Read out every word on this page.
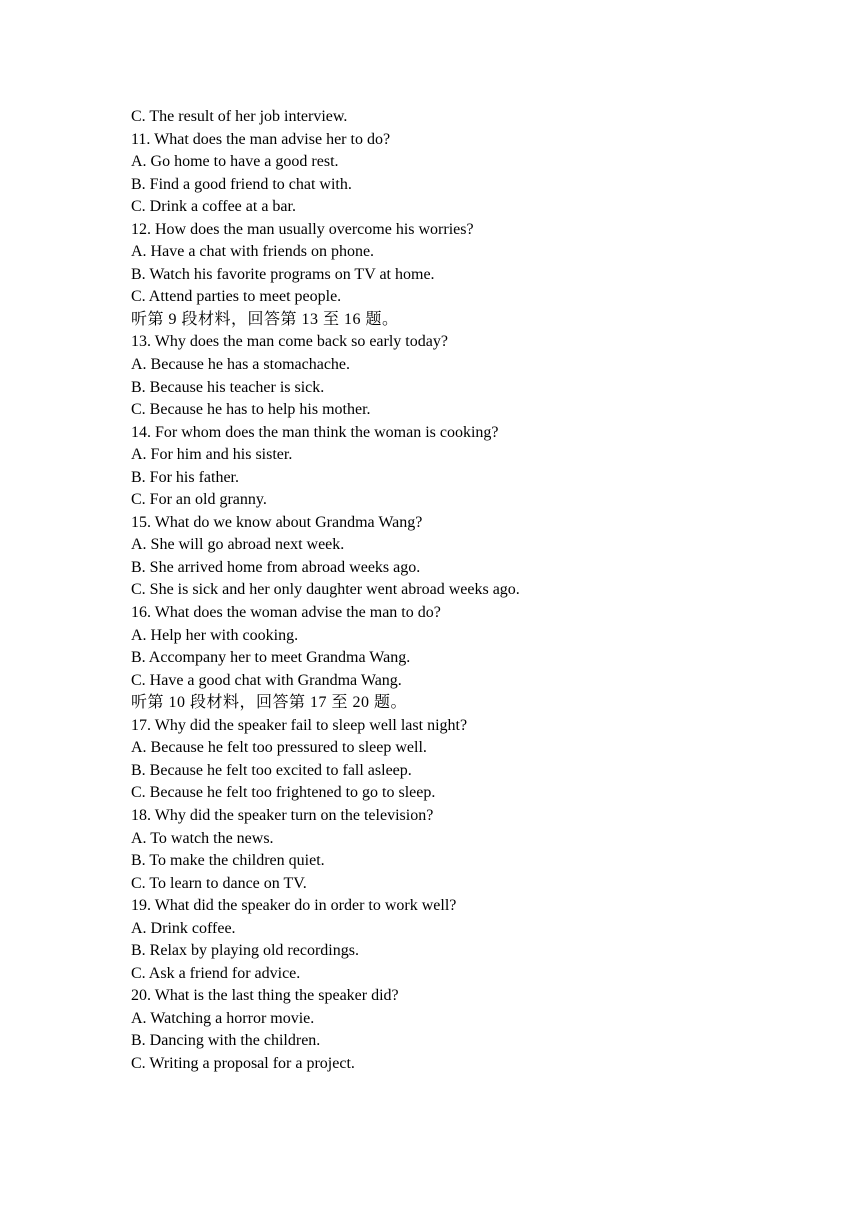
C. The result of her job interview.
11. What does the man advise her to do?
A. Go home to have a good rest.
B. Find a good friend to chat with.
C. Drink a coffee at a bar.
12. How does the man usually overcome his worries?
A. Have a chat with friends on phone.
B. Watch his favorite programs on TV at home.
C. Attend parties to meet people.
听第 9 段材料，回答第 13 至 16 题。
13. Why does the man come back so early today?
A. Because he has a stomachache.
B. Because his teacher is sick.
C. Because he has to help his mother.
14. For whom does the man think the woman is cooking?
A. For him and his sister.
B. For his father.
C. For an old granny.
15. What do we know about Grandma Wang?
A. She will go abroad next week.
B. She arrived home from abroad weeks ago.
C. She is sick and her only daughter went abroad weeks ago.
16. What does the woman advise the man to do?
A. Help her with cooking.
B. Accompany her to meet Grandma Wang.
C. Have a good chat with Grandma Wang.
听第 10 段材料，回答第 17 至 20 题。
17. Why did the speaker fail to sleep well last night?
A. Because he felt too pressured to sleep well.
B. Because he felt too excited to fall asleep.
C. Because he felt too frightened to go to sleep.
18. Why did the speaker turn on the television?
A. To watch the news.
B. To make the children quiet.
C. To learn to dance on TV.
19. What did the speaker do in order to work well?
A. Drink coffee.
B. Relax by playing old recordings.
C. Ask a friend for advice.
20. What is the last thing the speaker did?
A. Watching a horror movie.
B. Dancing with the children.
C. Writing a proposal for a project.
